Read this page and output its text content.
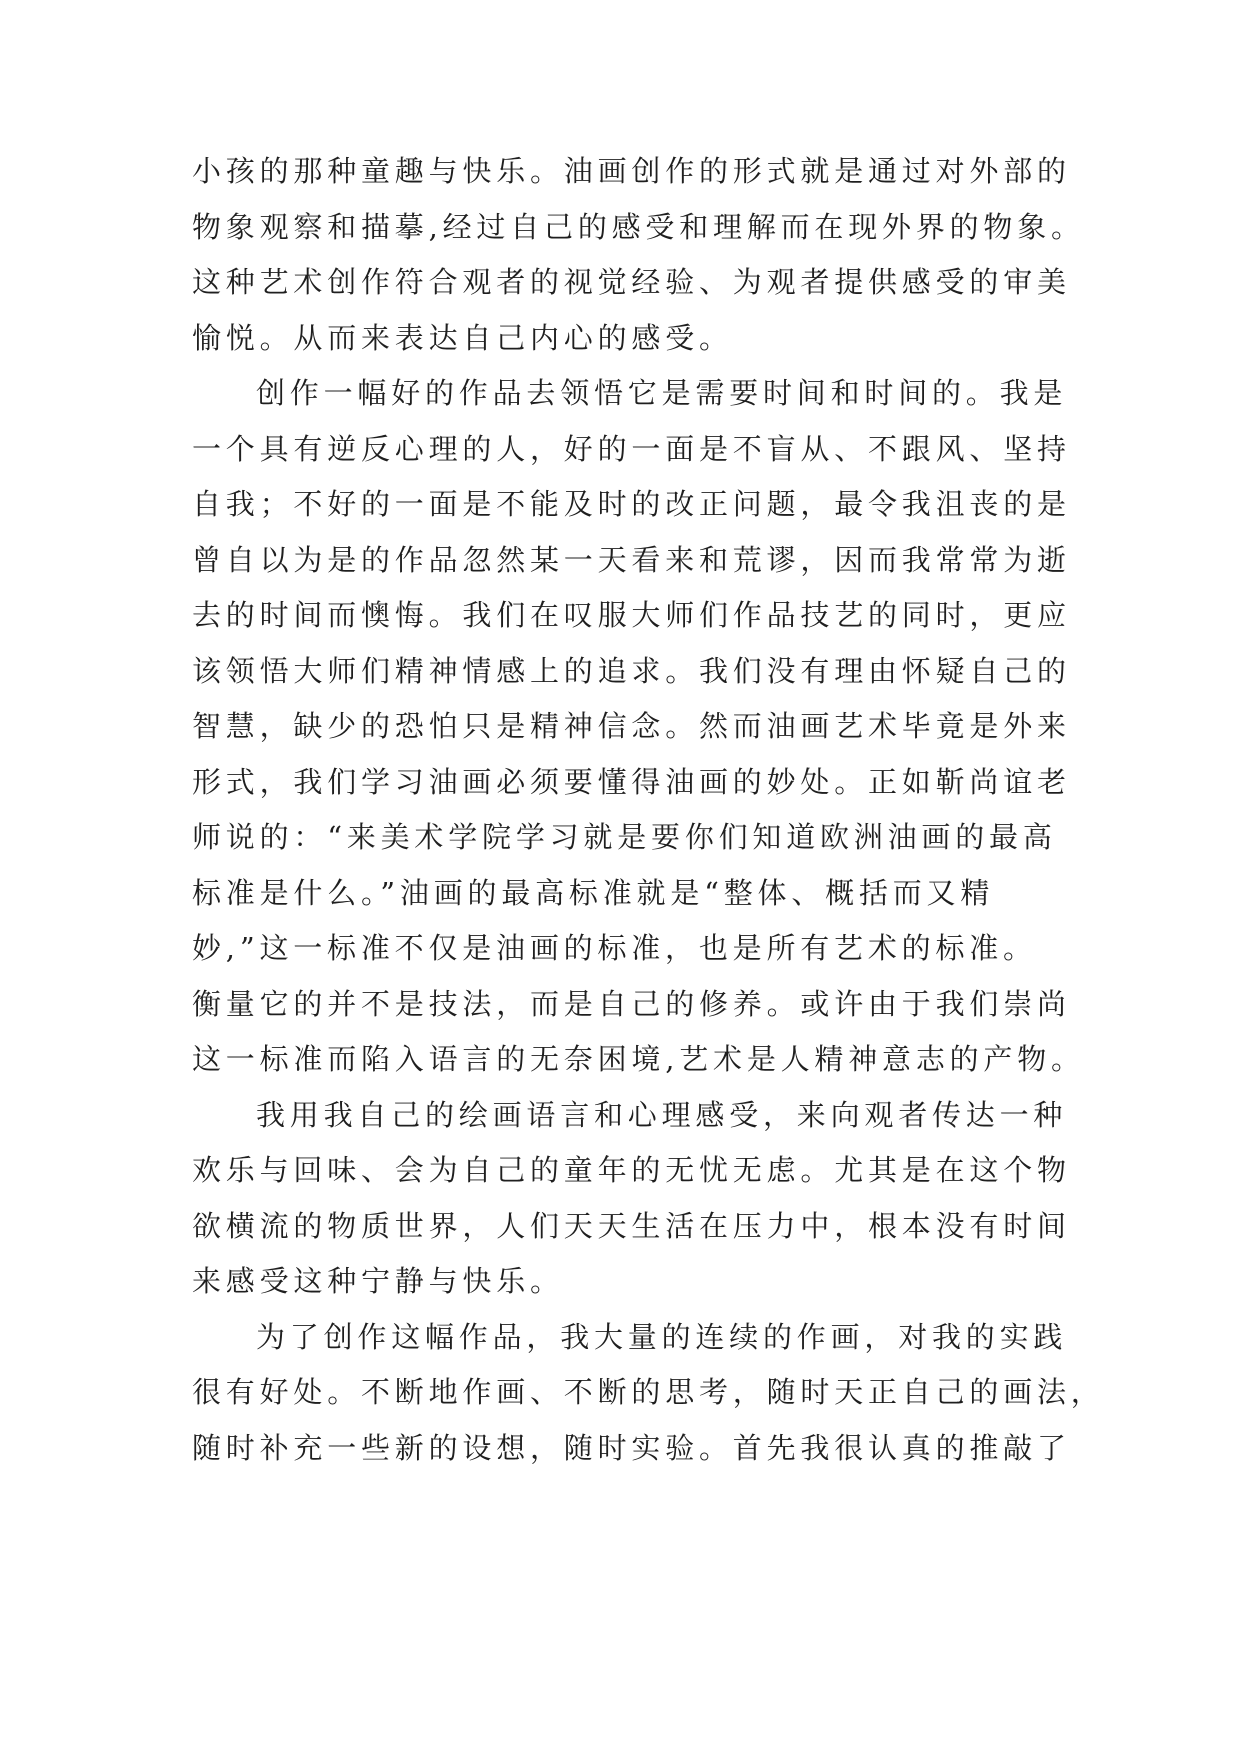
小孩的那种童趣与快乐。油画创作的形式就是通过对外部的
物象观察和描摹,经过自己的感受和理解而在现外界的物象。
这种艺术创作符合观者的视觉经验、为观者提供感受的审美
愉悦。从而来表达自己内心的感受。
创作一幅好的作品去领悟它是需要时间和时间的。我是
一个具有逆反心理的人，好的一面是不盲从、不跟风、坚持
自我；不好的一面是不能及时的改正问题，最令我沮丧的是
曾自以为是的作品忽然某一天看来和荒谬，因而我常常为逝
去的时间而懊悔。我们在叹服大师们作品技艺的同时，更应
该领悟大师们精神情感上的追求。我们没有理由怀疑自己的
智慧，缺少的恐怕只是精神信念。然而油画艺术毕竟是外来
形式，我们学习油画必须要懂得油画的妙处。正如靳尚谊老
师说的：“来美术学院学习就是要你们知道欧洲油画的最高
标准是什么。”油画的最高标准就是“整体、概括而又精
妙,”这一标准不仅是油画的标准，也是所有艺术的标准。
衡量它的并不是技法，而是自己的修养。或许由于我们崇尚
这一标准而陷入语言的无奈困境,艺术是人精神意志的产物。
我用我自己的绘画语言和心理感受，来向观者传达一种
欢乐与回味、会为自己的童年的无忧无虑。尤其是在这个物
欲横流的物质世界，人们天天生活在压力中，根本没有时间
来感受这种宁静与快乐。
为了创作这幅作品，我大量的连续的作画，对我的实践
很有好处。不断地作画、不断的思考，随时天正自己的画法，
随时补充一些新的设想，随时实验。首先我很认真的推敲了
